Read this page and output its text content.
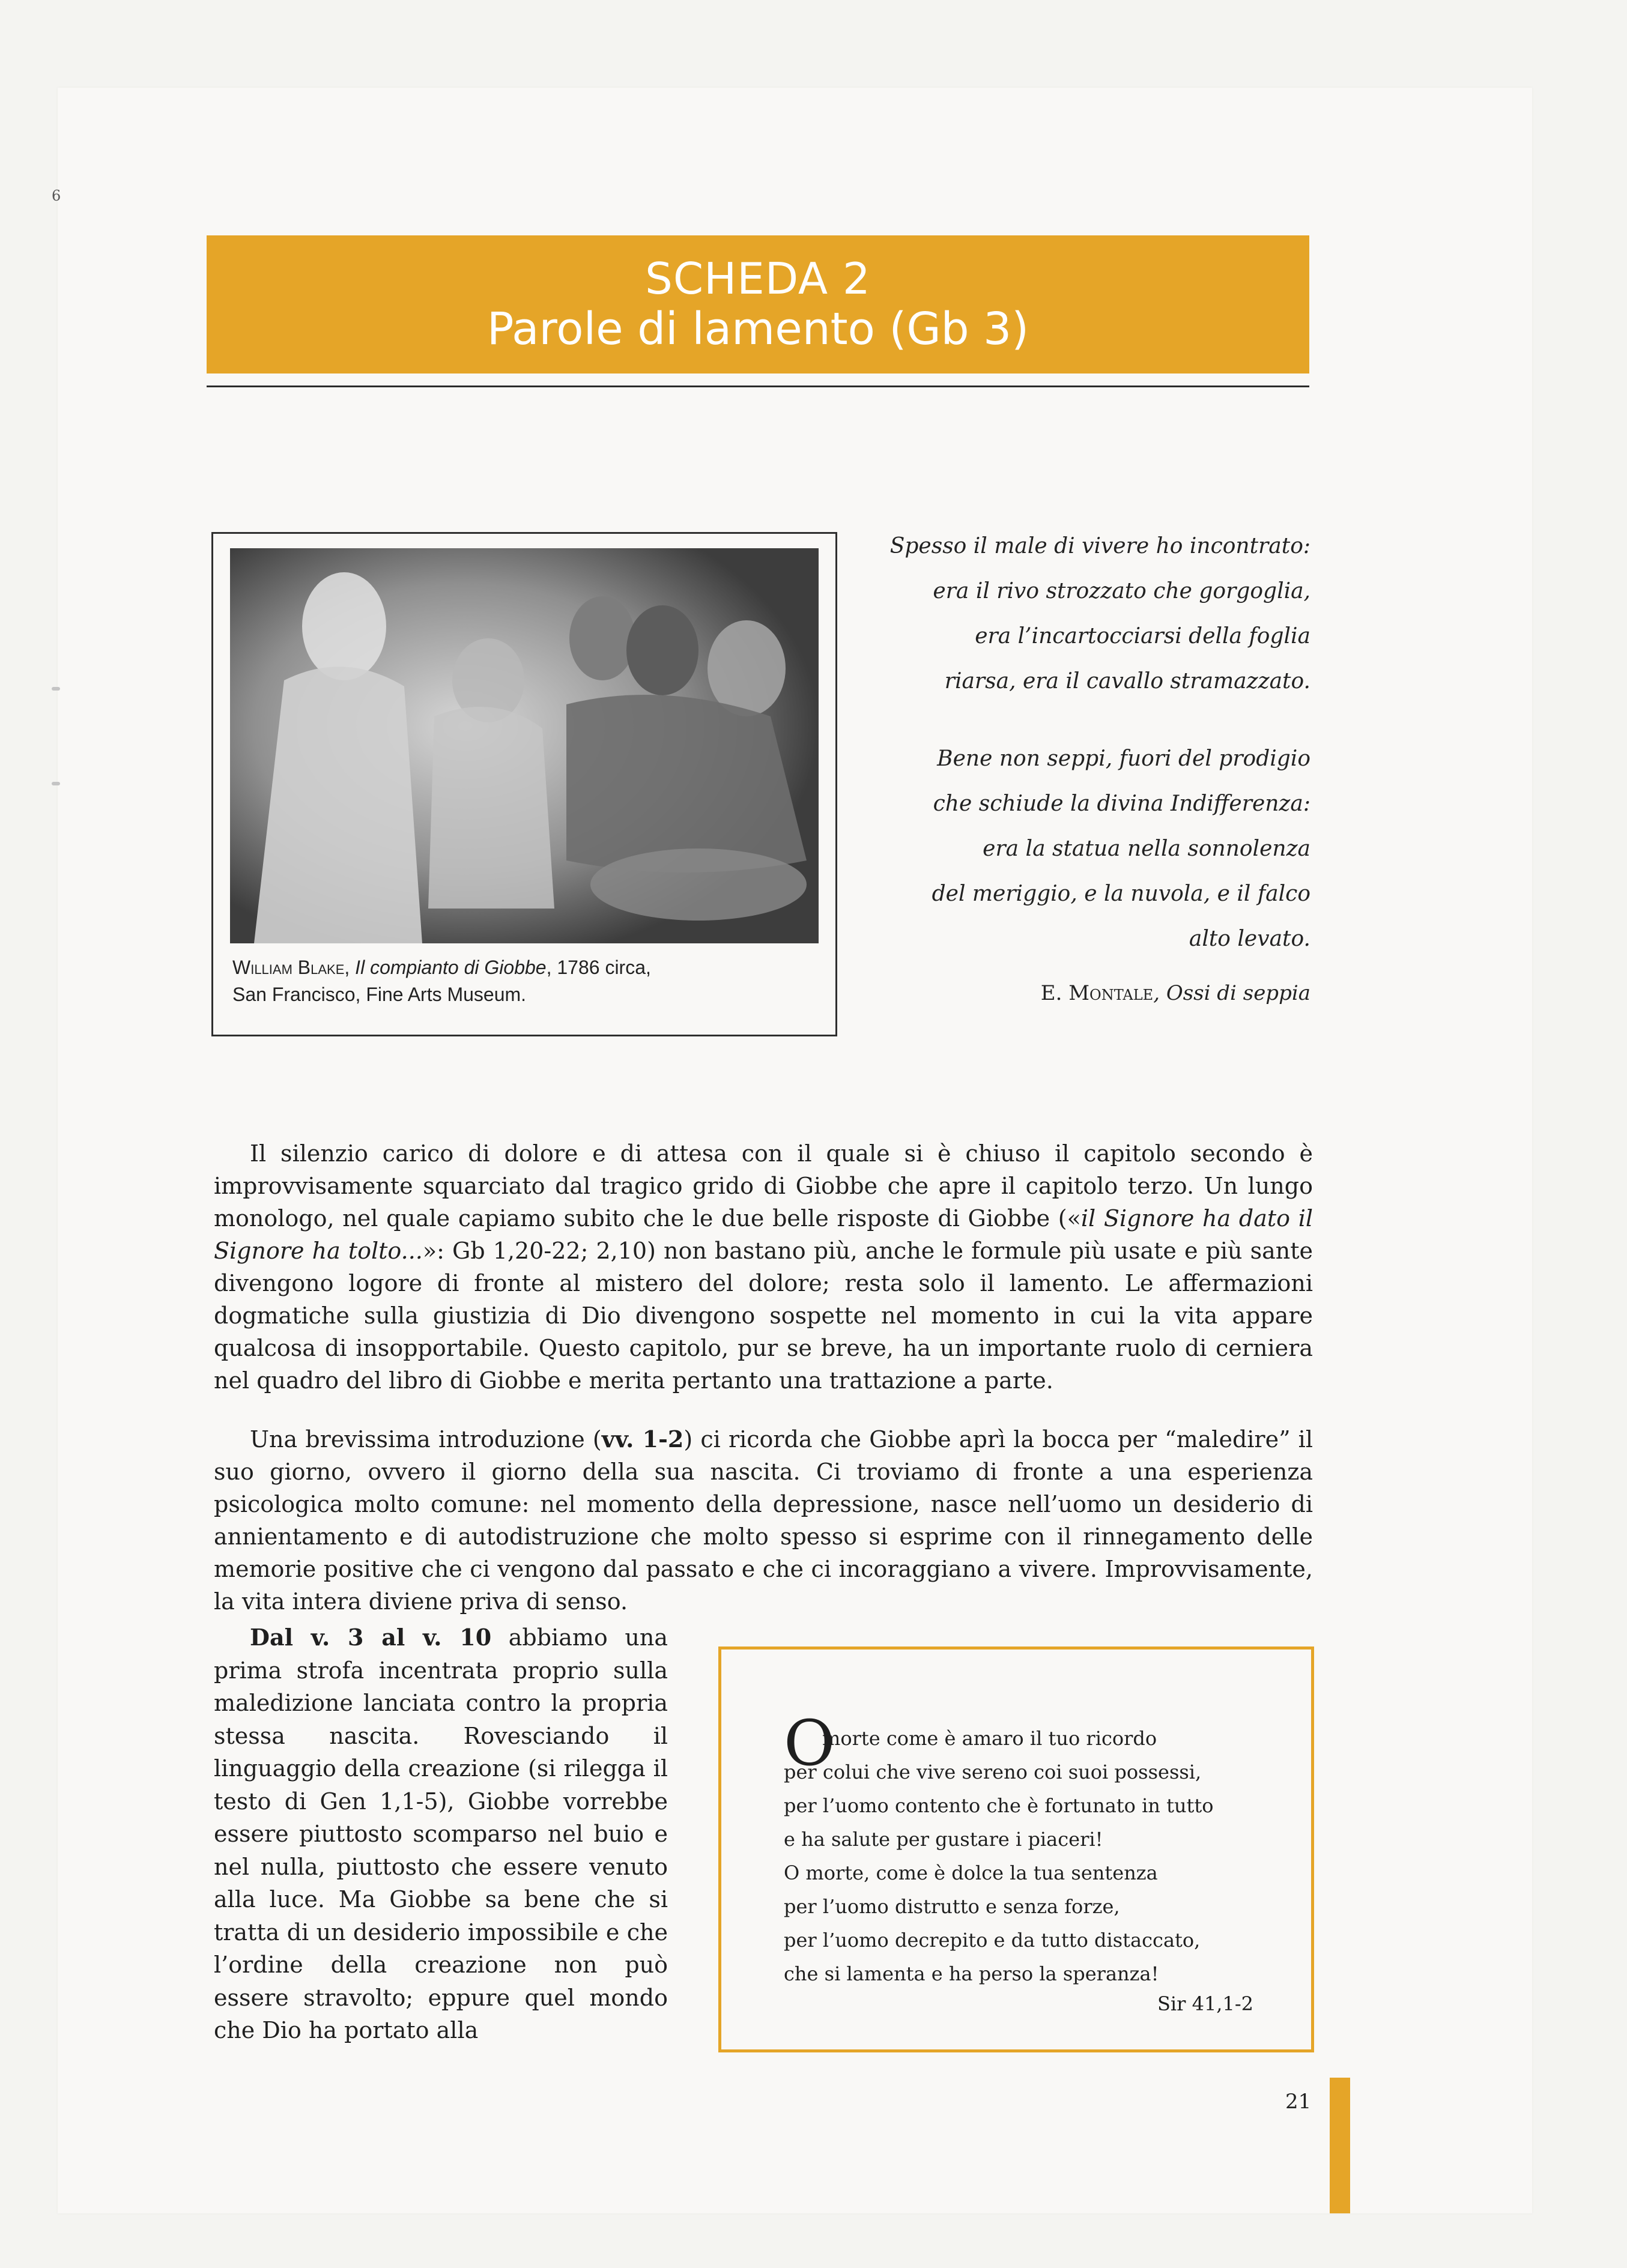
6
SCHEDA 2
Parole di lamento (Gb 3)
William Blake, Il compianto di Giobbe, 1786 circa,
San Francisco, Fine Arts Museum.
Spesso il male di vivere ho incontrato:
era il rivo strozzato che gorgoglia,
era l’incartocciarsi della foglia
riarsa, era il cavallo stramazzato.
Bene non seppi, fuori del prodigio
che schiude la divina Indifferenza:
era la statua nella sonnolenza
del meriggio, e la nuvola, e il falco
alto levato.
E. Montale, Ossi di seppia

Il silenzio carico di dolore e di attesa con il quale si è chiuso il capitolo secondo è improvvisamente squarciato dal tragico grido di Giobbe che apre il capitolo terzo. Un lungo monologo, nel quale capiamo subito che le due belle risposte di Giobbe («il Signore ha dato il Signore ha tolto...»: Gb 1,20-22; 2,10) non bastano più, anche le formule più usate e più sante divengono logore di fronte al mistero del dolore; resta solo il lamento. Le affermazioni dogmatiche sulla giustizia di Dio divengono sospette nel momento in cui la vita appare qualcosa di insopportabile. Questo capitolo, pur se breve, ha un importante ruolo di cerniera nel quadro del libro di Giobbe e merita pertanto una trattazione a parte.

Una brevissima introduzione (vv. 1-2) ci ricorda che Giobbe aprì la bocca per “maledire” il suo giorno, ovvero il giorno della sua nascita. Ci troviamo di fronte a una esperienza psicologica molto comune: nel momento della depressione, nasce nell’uomo un desiderio di annientamento e di autodistruzione che molto spesso si esprime con il rinnegamento delle memorie positive che ci vengono dal passato e che ci incoraggiano a vivere. Improvvisamente, la vita intera diviene priva di senso.

Dal v. 3 al v. 10 abbiamo una prima strofa incentrata proprio sulla maledizione lanciata contro la propria stessa nascita. Rovesciando il linguaggio della creazione (si rilegga il testo di Gen 1,1-5), Giobbe vorrebbe essere piuttosto scomparso nel buio e nel nulla, piuttosto che essere venuto alla luce. Ma Giobbe sa bene che si tratta di un desiderio impossibile e che l’ordine della creazione non può essere stravolto; eppure quel mondo che Dio ha portato alla

O
morte come è amaro il tuo ricordo
per colui che vive sereno coi suoi possessi,
per l’uomo contento che è fortunato in tutto
e ha salute per gustare i piaceri!
O morte, come è dolce la tua sentenza
per l’uomo distrutto e senza forze,
per l’uomo decrepito e da tutto distaccato,
che si lamenta e ha perso la speranza!
Sir 41,1-2
21
